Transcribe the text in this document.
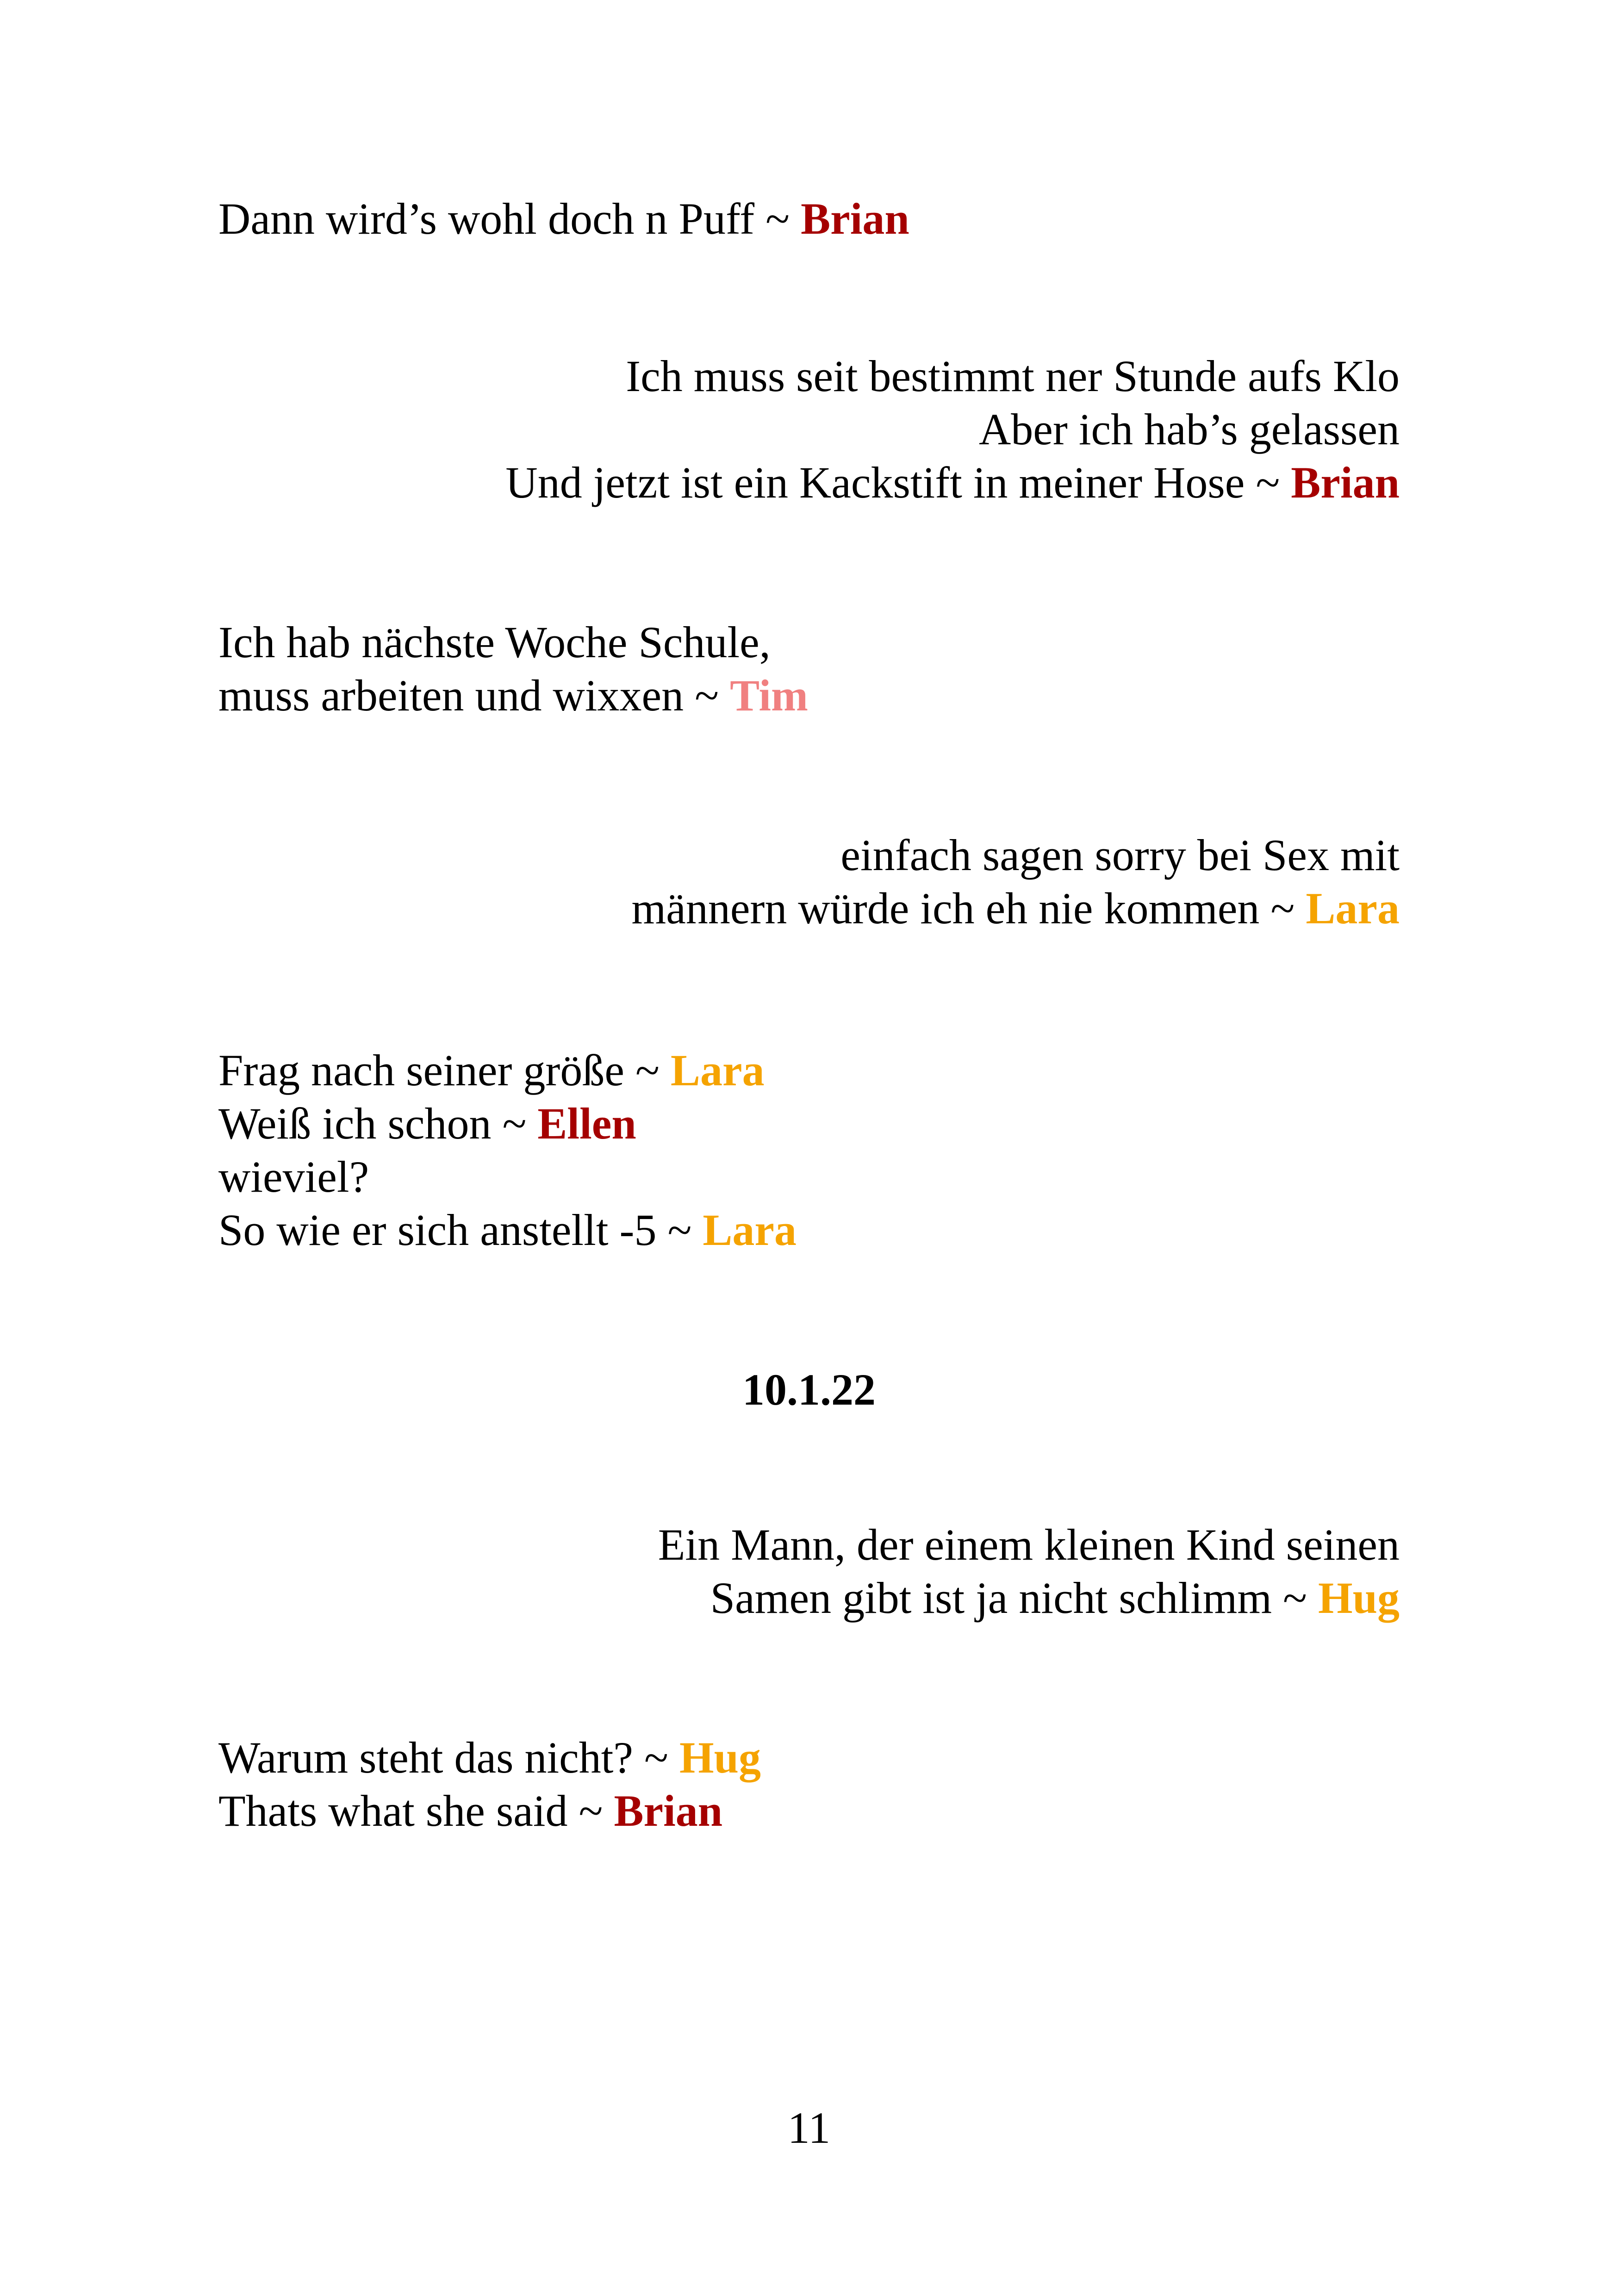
Dann wird’s wohl doch n Puff ~ Brian
Ich muss seit bestimmt ner Stunde aufs Klo
Aber ich hab’s gelassen
Und jetzt ist ein Kackstift in meiner Hose ~ Brian
Ich hab nächste Woche Schule,
muss arbeiten und wixxen ~ Tim
einfach sagen sorry bei Sex mit
männern würde ich eh nie kommen ~ Lara
Frag nach seiner größe ~ Lara
Weiß ich schon ~ Ellen
wieviel?
So wie er sich anstellt -5 ~ Lara
10.1.22
Ein Mann, der einem kleinen Kind seinen
Samen gibt ist ja nicht schlimm ~ Hug
Warum steht das nicht? ~ Hug
Thats what she said ~ Brian
11
